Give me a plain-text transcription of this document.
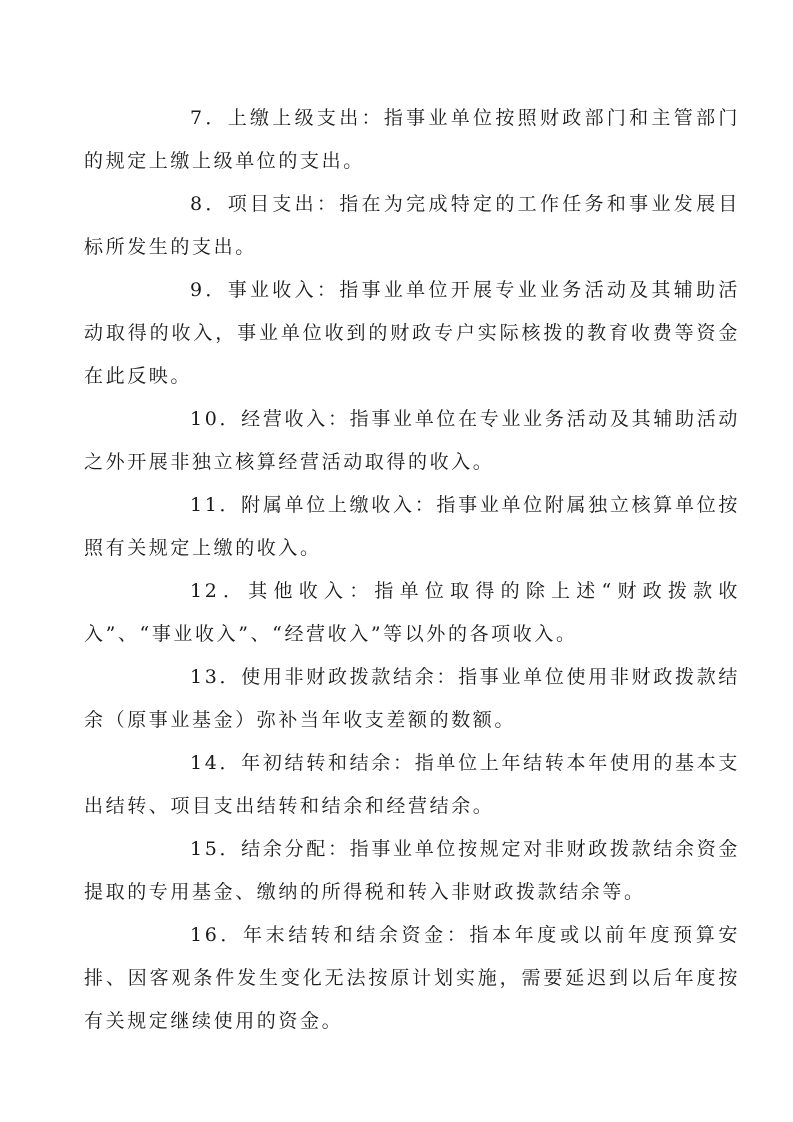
7．上缴上级支出：指事业单位按照财政部门和主管部门的规定上缴上级单位的支出。

8．项目支出：指在为完成特定的工作任务和事业发展目标所发生的支出。

9．事业收入：指事业单位开展专业业务活动及其辅助活动取得的收入，事业单位收到的财政专户实际核拨的教育收费等资金在此反映。

10．经营收入：指事业单位在专业业务活动及其辅助活动之外开展非独立核算经营活动取得的收入。

11．附属单位上缴收入：指事业单位附属独立核算单位按照有关规定上缴的收入。

12．其他收入：指单位取得的除上述“财政拨款收入”、“事业收入”、“经营收入”等以外的各项收入。

13．使用非财政拨款结余：指事业单位使用非财政拨款结余（原事业基金）弥补当年收支差额的数额。

14．年初结转和结余：指单位上年结转本年使用的基本支出结转、项目支出结转和结余和经营结余。

15．结余分配：指事业单位按规定对非财政拨款结余资金提取的专用基金、缴纳的所得税和转入非财政拨款结余等。

16．年末结转和结余资金：指本年度或以前年度预算安排、因客观条件发生变化无法按原计划实施，需要延迟到以后年度按有关规定继续使用的资金。
